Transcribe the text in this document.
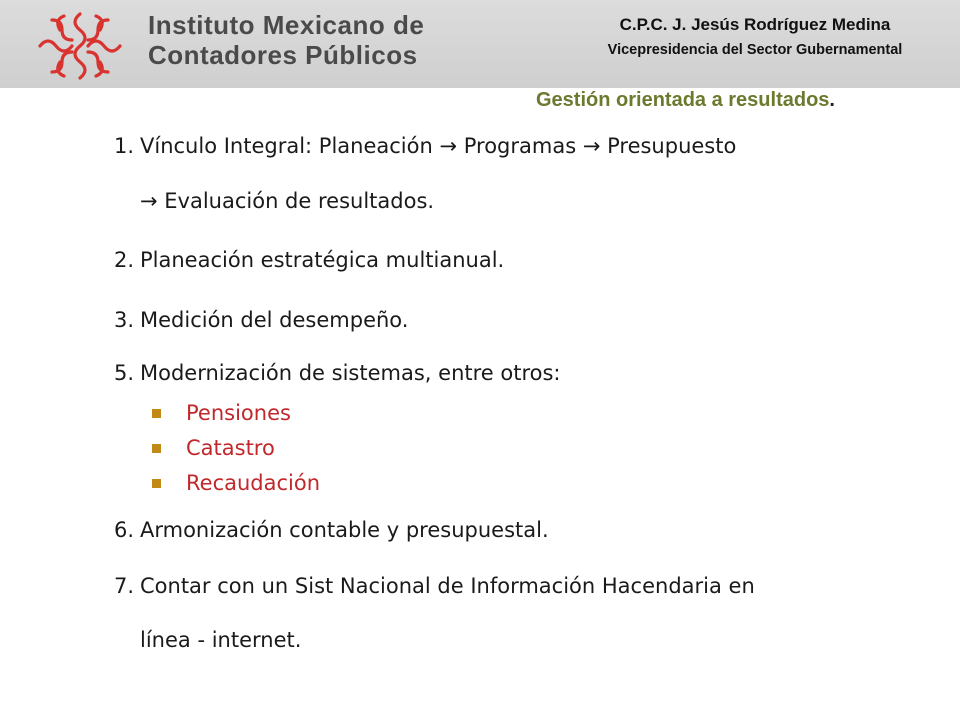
Instituto Mexicano de
Contadores Públicos
C.P.C. J. Jesús Rodríguez Medina
Vicepresidencia del Sector Gubernamental
Gestión orientada a resultados.
1. Vínculo Integral: Planeación → Programas → Presupuesto
→ Evaluación de resultados.
2. Planeación estratégica multianual.
3. Medición del desempeño.
5. Modernización de sistemas, entre otros:
Pensiones
Catastro
Recaudación
6. Armonización contable y presupuestal.
7. Contar con un Sist Nacional de Información Hacendaria en
línea - internet.
